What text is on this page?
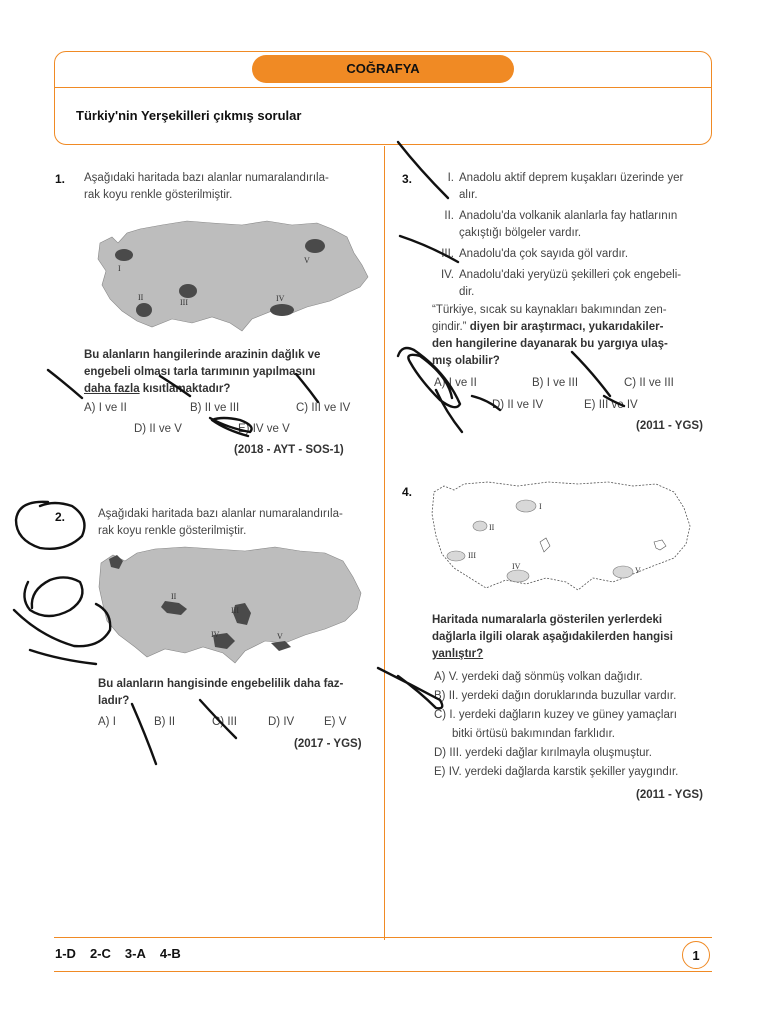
COĞRAFYA
Türkiy'nin Yerşekilleri çıkmış sorular
1. Aşağıdaki haritada bazı alanlar numaralandırıla-
rak koyu renkle gösterilmiştir.
I
II
III	IV
V
Bu alanların hangilerinde arazinin dağlık ve
engebeli olması tarla tarımının yapılmasını
daha fazla kısıtlamaktadır?
A) I ve II	B) II ve III	C) III ve IV
D) II ve V	E) IV ve V
(2018 - AYT - SOS-1)
2.	Aşağıdaki haritada bazı alanlar numaralandırıla-
rak koyu renkle gösterilmiştir.
II
III
IV	V
Bu alanların hangisinde engebelilik daha faz-
ladır?
A) I	B) II	C) III	D) IV	E) V
(2017 - YGS)
3.	I. Anadolu aktif deprem kuşakları üzerinde yer
alır.
II. Anadolu'da volkanik alanlarla fay hatlarının
çakıştığı bölgeler vardır.
III. Anadolu'da çok sayıda göl vardır.
IV. Anadolu'daki yeryüzü şekilleri çok engebeli-
dir.
“Türkiye, sıcak su kaynakları bakımından zen-
gindir.” diyen bir araştırmacı, yukarıdakiler-
den hangilerine dayanarak bu yargıya ulaş-
mış olabilir?
A) I ve II	B) I ve III	C) II ve III
D) II ve IV	E) III ve IV
(2011 - YGS)
4.
I
II
III
IV	V
Haritada numaralarla gösterilen yerlerdeki
dağlarla ilgili olarak aşağıdakilerden hangisi
yanlıştır?
A) V. yerdeki dağ sönmüş volkan dağıdır.
B) II. yerdeki dağın doruklarında buzullar vardır.
C) I. yerdeki dağların kuzey ve güney yamaçları
bitki örtüsü bakımından farklıdır.
D) III. yerdeki dağlar kırılmayla oluşmuştur.
E) IV. yerdeki dağlarda karstik şekiller yaygındır.
(2011 - YGS)
1-D 2-C 3-A 4-B	1
